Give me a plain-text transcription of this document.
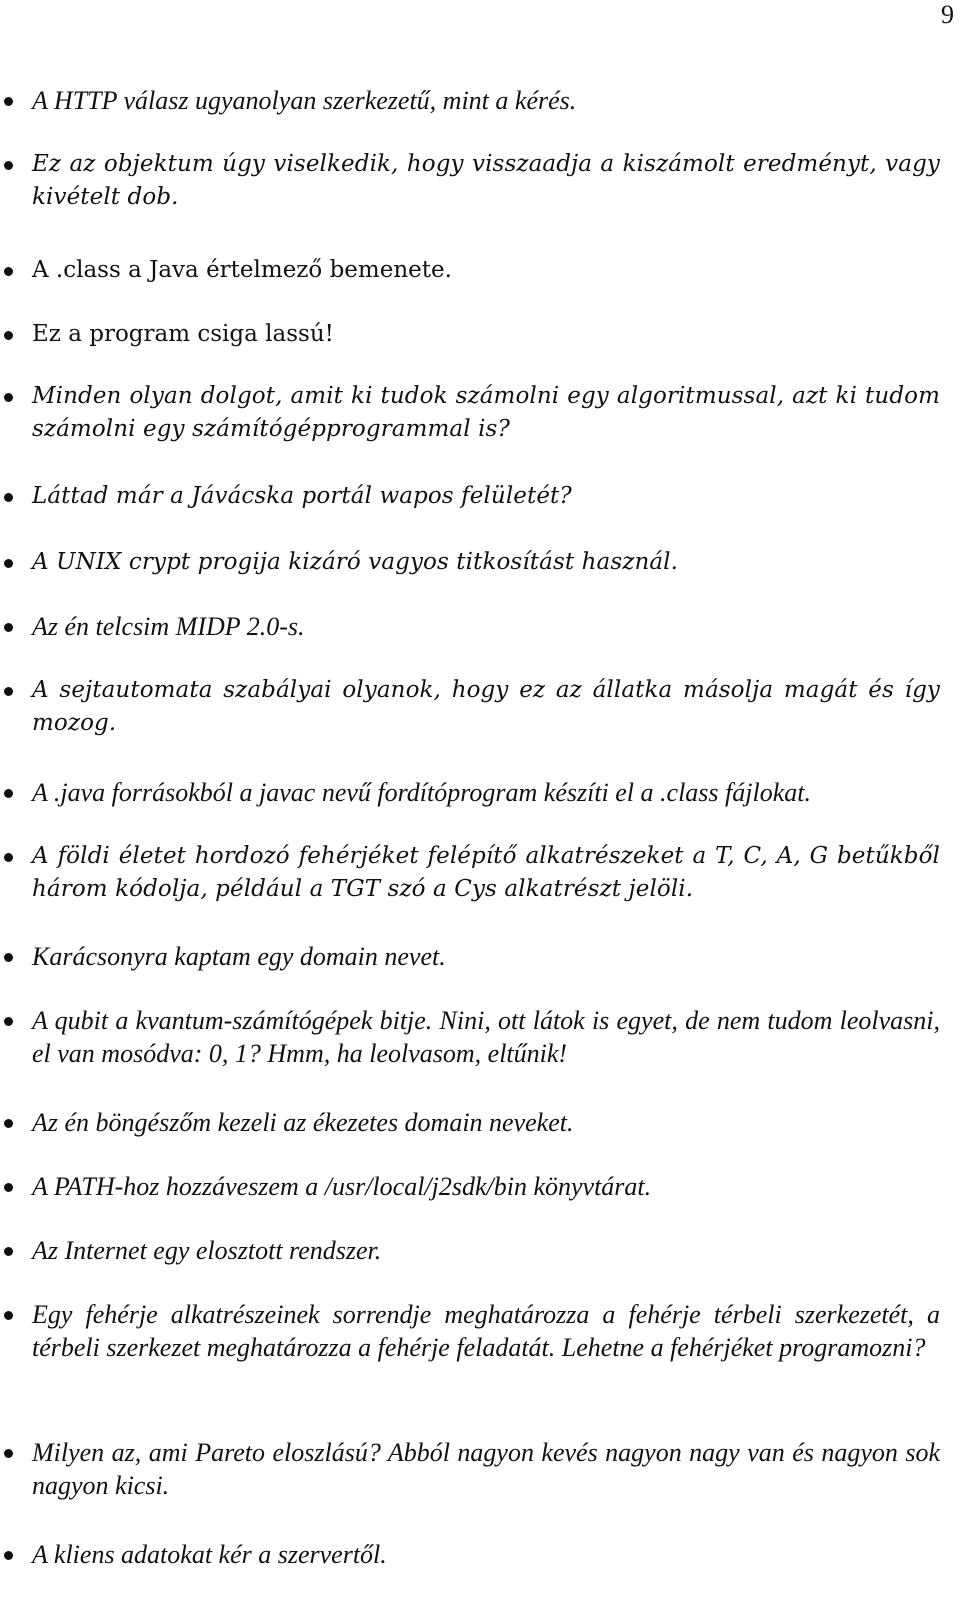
9
A HTTP válasz ugyanolyan szerkezetű, mint a kérés.
Ez az objektum úgy viselkedik, hogy visszaadja a kiszámolt eredményt, vagy kivételt dob.
A .class a Java értelmező bemenete.
Ez a program csiga lassú!
Minden olyan dolgot, amit ki tudok számolni egy algoritmussal, azt ki tudom számolni egy számítógépprogrammal is?
Láttad már a Jávácska portál wapos felületét?
A UNIX crypt progija kizáró vagyos titkosítást használ.
Az én telcsim MIDP 2.0-s.
A sejtautomata szabályai olyanok, hogy ez az állatka másolja magát és így mozog.
A .java forrásokból a javac nevű fordítóprogram készíti el a .class fájlokat.
A földi életet hordozó fehérjéket felépítő alkatrészeket a T, C, A, G betűkből három kódolja, például a TGT szó a Cys alkatrészt jelöli.
Karácsonyra kaptam egy domain nevet.
A qubit a kvantum-számítógépek bitje. Nini, ott látok is egyet, de nem tudom leolvasni, el van mosódva: 0, 1? Hmm, ha leolvasom, eltűnik!
Az én böngészőm kezeli az ékezetes domain neveket.
A PATH-hoz hozzáveszem a /usr/local/j2sdk/bin könyvtárat.
Az Internet egy elosztott rendszer.
Egy fehérje alkatrészeinek sorrendje meghatározza a fehérje térbeli szerkezetét, a térbeli szerkezet meghatározza a fehérje feladatát. Lehetne a fehérjéket programozni?
Milyen az, ami Pareto eloszlású? Abból nagyon kevés nagyon nagy van és nagyon sok nagyon kicsi.
A kliens adatokat kér a szervertől.
